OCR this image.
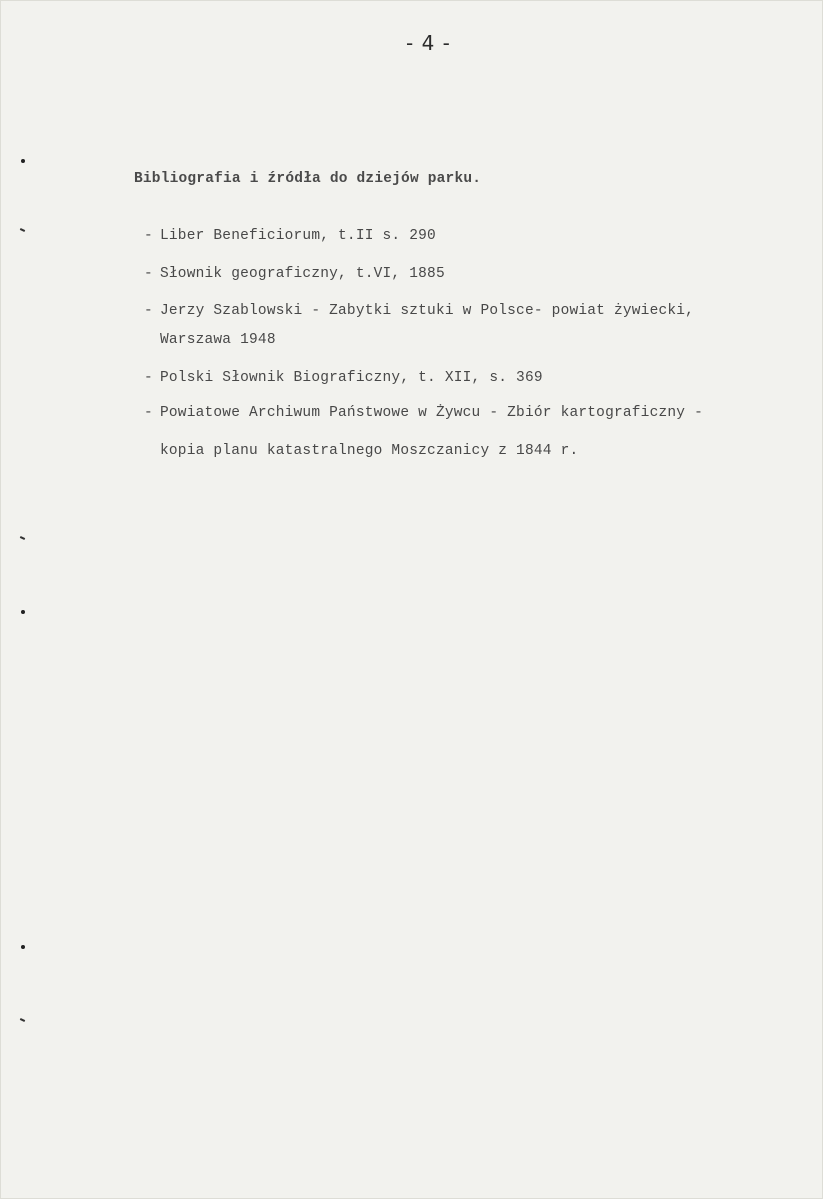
- 4 -
Bibliografia i źródła do dziejów parku.
- Liber Beneficiorum, t.II s. 290
- Słownik geograficzny, t.VI, 1885
- Jerzy Szablowski - Zabytki sztuki w Polsce- powiat żywiecki,
Warszawa 1948
- Polski Słownik Biograficzny, t. XII, s. 369
- Powiatowe Archiwum Państwowe w Żywcu - Zbiór kartograficzny -
kopia planu katastralnego Moszczanicy z 1844 r.
